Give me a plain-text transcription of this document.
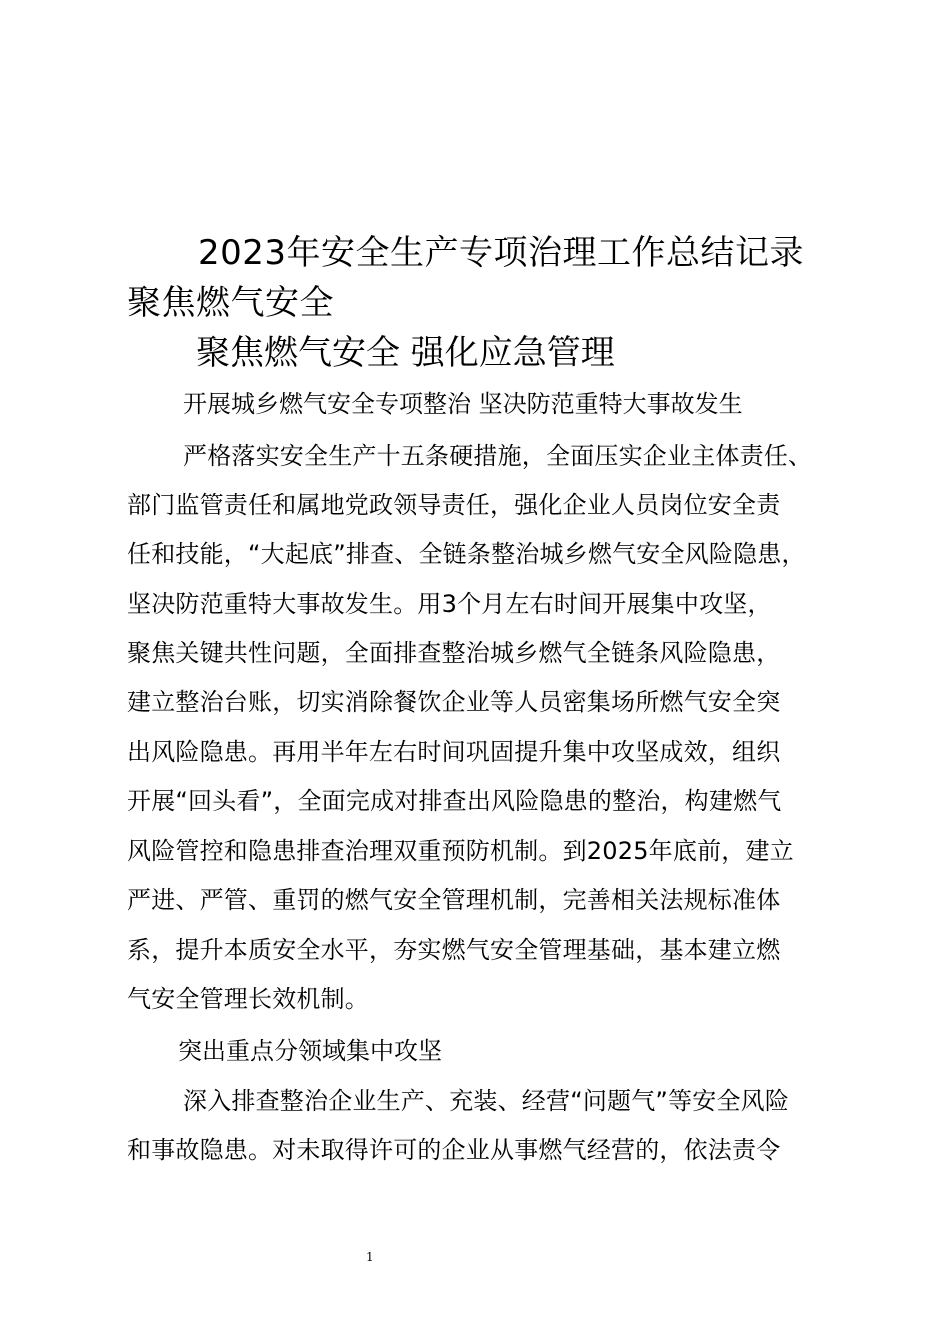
2023年安全生产专项治理工作总结记录

聚焦燃气安全

聚焦燃气安全 强化应急管理

开展城乡燃气安全专项整治 坚决防范重特大事故发生

严格落实安全生产十五条硬措施，全面压实企业主体责任、

部门监管责任和属地党政领导责任，强化企业人员岗位安全责

任和技能，“大起底”排查、全链条整治城乡燃气安全风险隐患，

坚决防范重特大事故发生。用3个月左右时间开展集中攻坚，

聚焦关键共性问题，全面排查整治城乡燃气全链条风险隐患，

建立整治台账，切实消除餐饮企业等人员密集场所燃气安全突

出风险隐患。再用半年左右时间巩固提升集中攻坚成效，组织

开展“回头看”，全面完成对排查出风险隐患的整治，构建燃气

风险管控和隐患排查治理双重预防机制。到2025年底前，建立

严进、严管、重罚的燃气安全管理机制，完善相关法规标准体

系，提升本质安全水平，夯实燃气安全管理基础，基本建立燃

气安全管理长效机制。

突出重点分领域集中攻坚

深入排查整治企业生产、充装、经营“问题气”等安全风险

和事故隐患。对未取得许可的企业从事燃气经营的，依法责令

1
